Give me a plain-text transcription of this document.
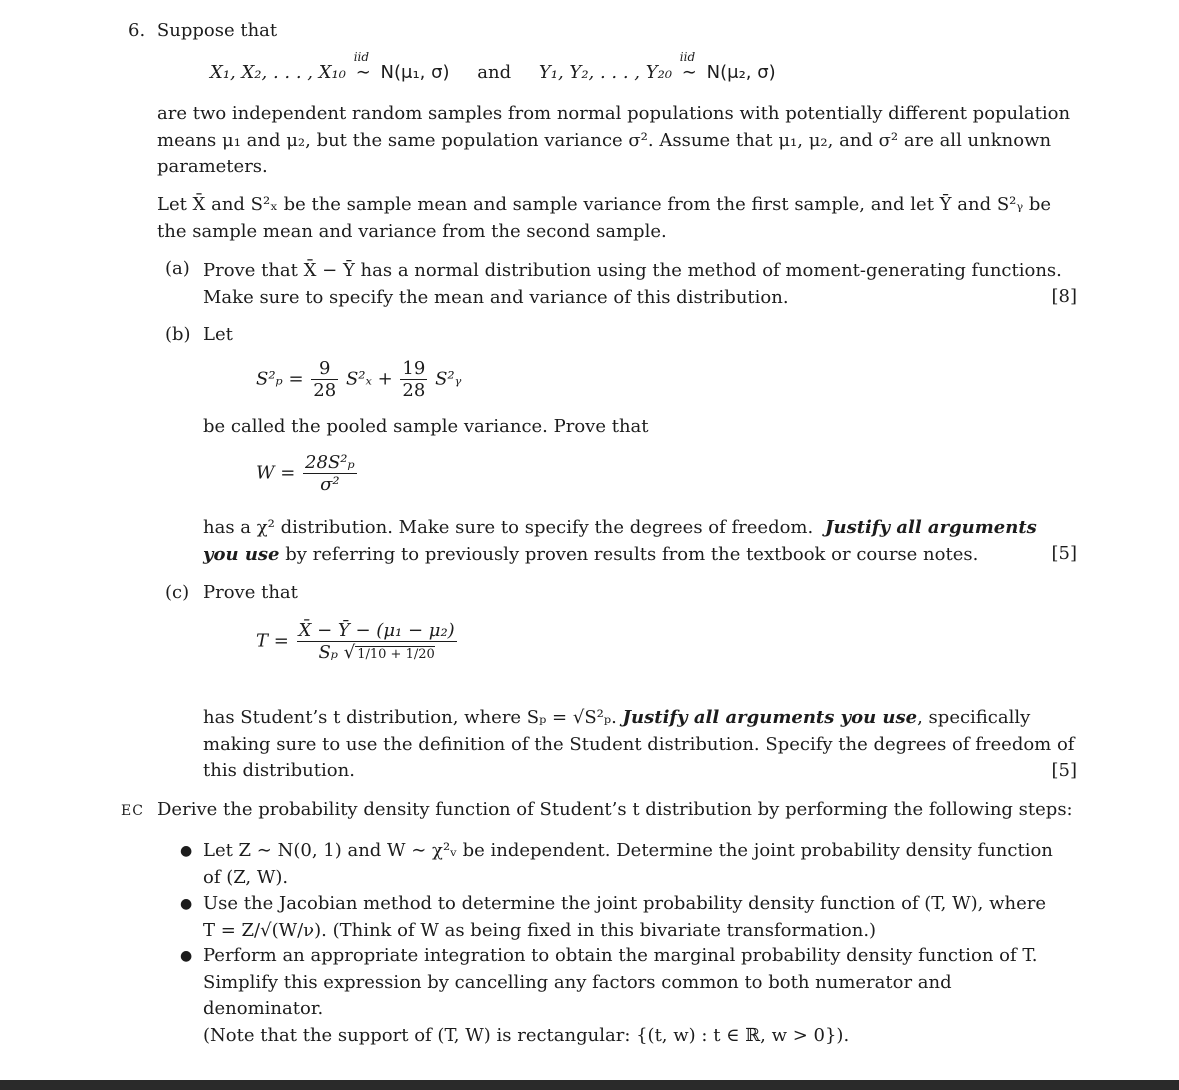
6. Suppose that
X₁, X₂, . . . , X₁₀
iid
∼ N(μ₁, σ) and Y₁, Y₂, . . . , Y₂₀
iid
∼ N(μ₂, σ)
are two independent random samples from normal populations with potentially different population
means μ₁ and μ₂, but the same population variance σ². Assume that μ₁, μ₂, and σ² are all unknown
parameters.
Let X̄ and S²ₓ be the sample mean and sample variance from the first sample, and let Ȳ and S²ᵧ be
the sample mean and variance from the second sample.
(a) Prove that X̄ − Ȳ has a normal distribution using the method of moment-generating functions.
Make sure to specify the mean and variance of this distribution.	[8]
(b) Let
$S^2_p = \frac{9}{28} S^2_x + \frac{19}{28}$ S²ᵧ
be called the pooled sample variance. Prove that
$W = \frac{\text{28S²ₚ}}{\text{σ²}}$
has a χ² distribution. Make sure to specify the degrees of freedom. Justify all arguments
you use by referring to previously proven results from the textbook or course notes.	[5]
(c) Prove that
$T = \frac{\text{X̄ − Ȳ − (μ₁ − μ₂)}}{\text{Sₚ √ 1/10 + 1/20}}$
has Student’s t distribution, where Sₚ = √S²ₚ. Justify all arguments you use, specifically
making sure to use the definition of the Student distribution. Specify the degrees of freedom of
this distribution.	[5]
EC Derive the probability density function of Student’s t distribution by performing the following steps:
● Let Z ∼ N(0, 1) and W ∼ χ²ᵥ be independent. Determine the joint probability density function
of (Z, W).
● Use the Jacobian method to determine the joint probability density function of (T, W), where
T = Z/√(W/ν). (Think of W as being fixed in this bivariate transformation.)
● Perform an appropriate integration to obtain the marginal probability density function of T.
Simplify this expression by cancelling any factors common to both numerator and denominator.
(Note that the support of (T, W) is rectangular: {(t, w) : t ∈ ℝ, w > 0}).
